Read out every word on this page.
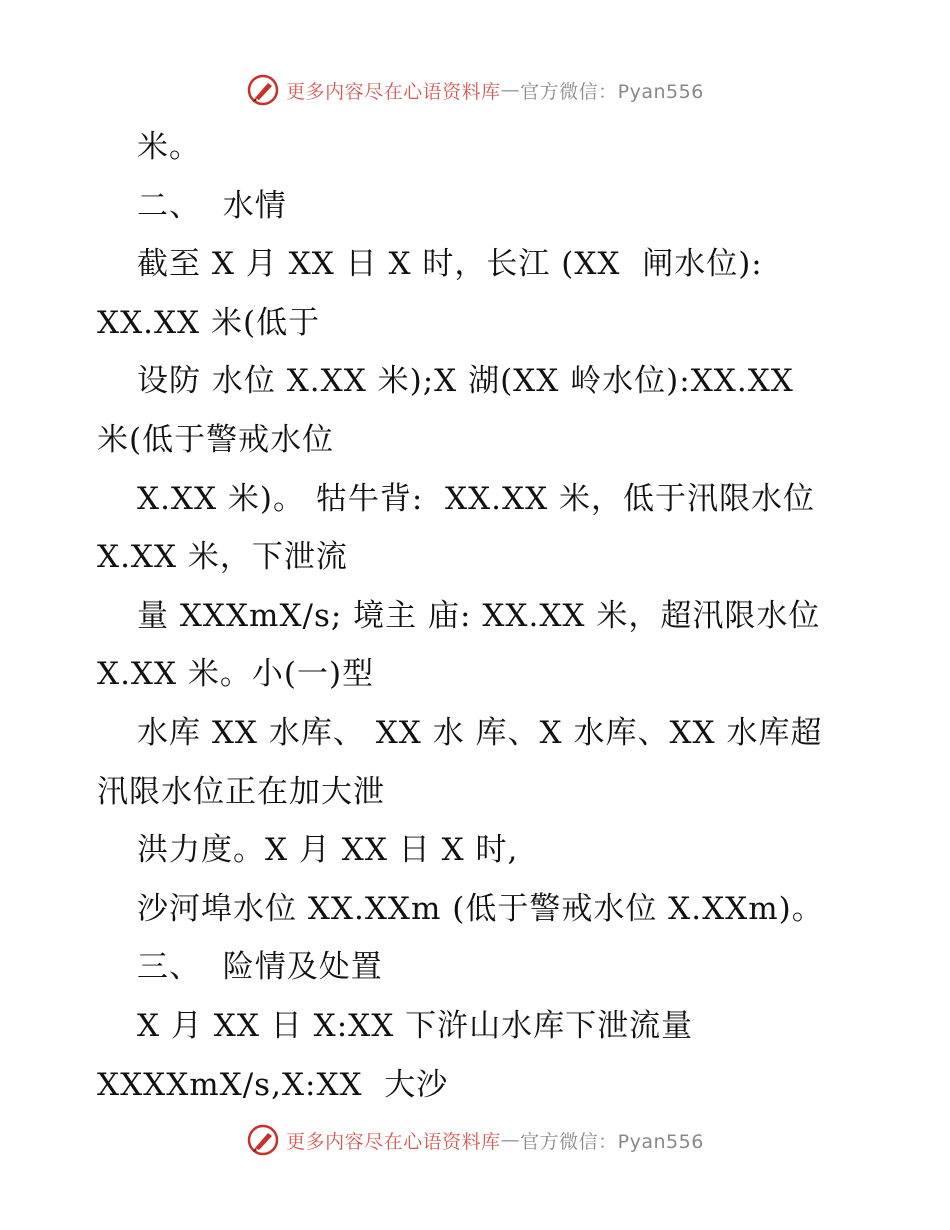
更多内容尽在心语资料库 — 官方微信：Pyan556
米。
二、  水情
截至 X 月 XX 日 X 时，长江 (XX  闸水位):
XX.XX 米(低于
设防 水位 X.XX 米);X 湖(XX 岭水位):XX.XX
米(低于警戒水位
X.XX 米)。 牯牛背:  XX.XX 米，低于汛限水位
X.XX 米，下泄流
量 XXXmX/s; 境主 庙: XX.XX 米，超汛限水位
X.XX 米。小(一)型
水库 XX 水库、 XX 水 库、X 水库、XX 水库超
汛限水位正在加大泄
洪力度。X 月 XX 日 X 时,
沙河埠水位 XX.XXm (低于警戒水位 X.XXm)。
三、  险情及处置
X 月 XX 日 X:XX 下浒山水库下泄流量
XXXXmX/s,X:XX  大沙
更多内容尽在心语资料库 — 官方微信：Pyan556
